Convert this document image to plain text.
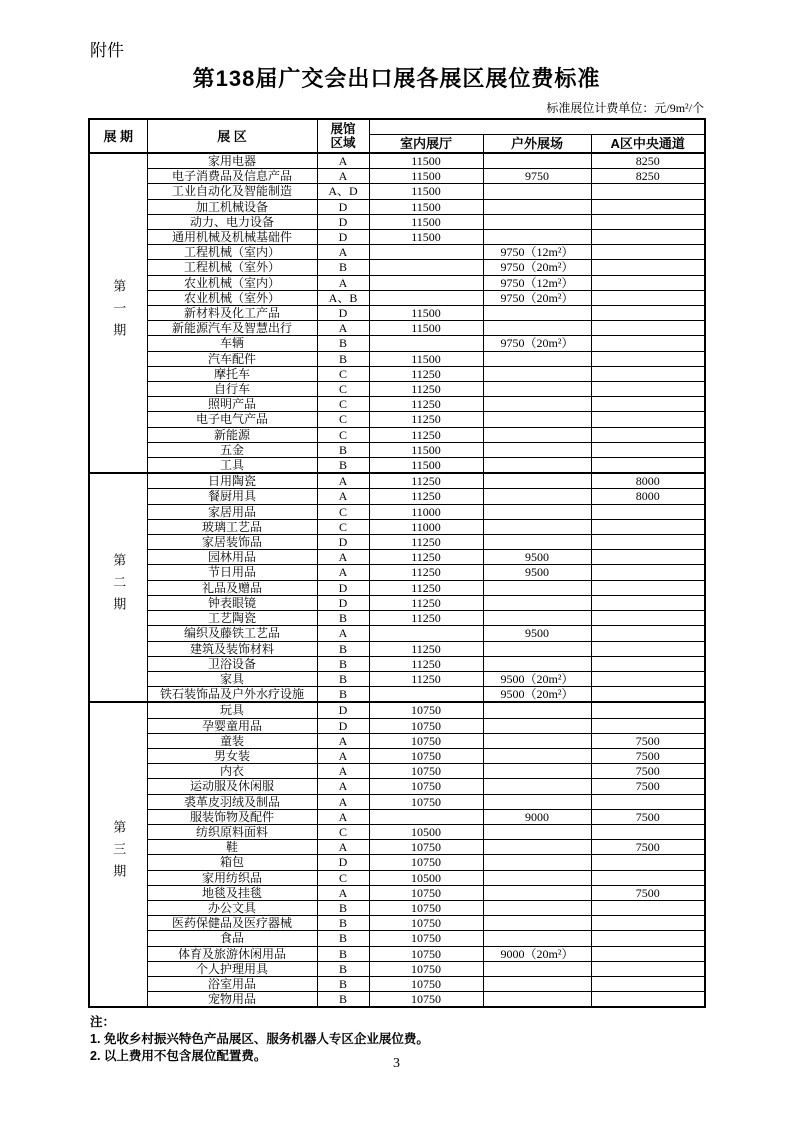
附件
第138届广交会出口展各展区展位费标准
标准展位计费单位：元/9m²/个
展 期	展 区	展馆
区域			

			室内展厅	户外展场	A区中央通道
第一期	家用电器	A	11500		8250
	电子消费品及信息产品	A	11500	9750	8250
	工业自动化及智能制造	A、D	11500		
	加工机械设备	D	11500		
	动力、电力设备	D	11500		
	通用机械及机械基础件	D	11500		
	工程机械（室内）	A		9750（12m²）	
	工程机械（室外）	B		9750（20m²）	
	农业机械（室内）	A		9750（12m²）	
	农业机械（室外）	A、B		9750（20m²）	
	新材料及化工产品	D	11500		
	新能源汽车及智慧出行	A	11500		
	车辆	B		9750（20m²）	
	汽车配件	B	11500		
	摩托车	C	11250		
	自行车	C	11250		
	照明产品	C	11250		
	电子电气产品	C	11250		
	新能源	C	11250		
	五金	B	11500		
	工具	B	11500		
第二期	日用陶瓷	A	11250		8000
	餐厨用具	A	11250		8000
	家居用品	C	11000		
	玻璃工艺品	C	11000		
	家居装饰品	D	11250		
	园林用品	A	11250	9500	
	节日用品	A	11250	9500	
	礼品及赠品	D	11250		
	钟表眼镜	D	11250		
	工艺陶瓷	B	11250		
	编织及藤铁工艺品	A		9500	
	建筑及装饰材料	B	11250		
	卫浴设备	B	11250		
	家具	B	11250	9500（20m²）	
	铁石装饰品及户外水疗设施	B		9500（20m²）	
第三期	玩具	D	10750		
	孕婴童用品	D	10750		
	童装	A	10750		7500
	男女装	A	10750		7500
	内衣	A	10750		7500
	运动服及休闲服	A	10750		7500
	裘革皮羽绒及制品	A	10750		
	服装饰物及配件	A		9000	7500
	纺织原料面料	C	10500		
	鞋	A	10750		7500
	箱包	D	10750		
	家用纺织品	C	10500		
	地毯及挂毯	A	10750		7500
	办公文具	B	10750		
	医药保健品及医疗器械	B	10750		
	食品	B	10750		
	体育及旅游休闲用品	B	10750	9000（20m²）	
	个人护理用具	B	10750		
	浴室用品	B	10750		
	宠物用品	B	10750		
注：
1. 免收乡村振兴特色产品展区、服务机器人专区企业展位费。
2. 以上费用不包含展位配置费。	3
